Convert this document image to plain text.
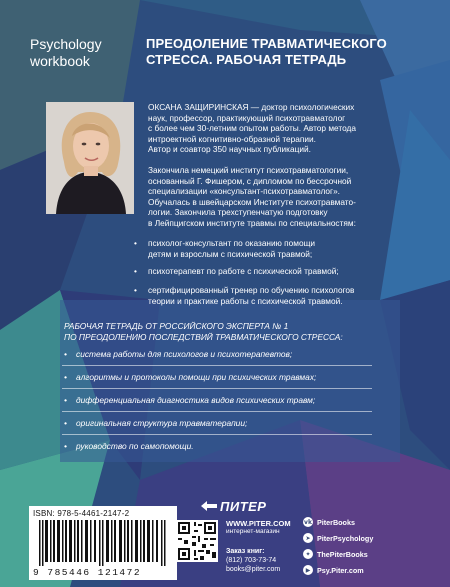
Psychology
workbook
ПРЕОДОЛЕНИЕ ТРАВМАТИЧЕСКОГО СТРЕССА. РАБОЧАЯ ТЕТРАДЬ
ОКСАНА ЗАЩИРИНСКАЯ — доктор психологических
наук, профессор, практикующий психотравматолог
с более чем 30-летним опытом работы. Автор метода
интроектной когнитивно-образной терапии.
Автор и соавтор 350 научных публикаций.
Закончила немецкий институт психотравматологии,
основанный Г. Фишером, с дипломом по бессрочной
специализации «консультант-психотравматолог».
Обучалась в швейцарском Институте психотравмато-
логии. Закончила трехступенчатую подготовку
в Лейпцигском институте травмы по специальностям:
• психолог-консультант по оказанию помощи
детям и взрослым с психической травмой;
• психотерапевт по работе с психической травмой;
• сертифицированный тренер по обучению психологов
теории и практике работы с психической травмой.
РАБОЧАЯ ТЕТРАДЬ ОТ РОССИЙСКОГО ЭКСПЕРТА № 1
ПО ПРЕОДОЛЕНИЮ ПОСЛЕДСТВИЙ ТРАВМАТИЧЕСКОГО СТРЕССА:
• система работы для психологов и психотерапевтов;
• алгоритмы и протоколы помощи при психических травмах;
• дифференциальная диагностика видов психических травм;
• оригинальная структура травматерапии;
• руководство по самопомощи.
ISBN: 978-5-4461-2147-2
9 785446 121472
ПИТЕР
WWW.PITER.COM
интернет-магазин
Заказ книг:
(812) 703-73-74
books@piter.com
vk PiterBooks
➤ PiterPsychology
✦ ThePiterBooks
▶ Psy.Piter.com
